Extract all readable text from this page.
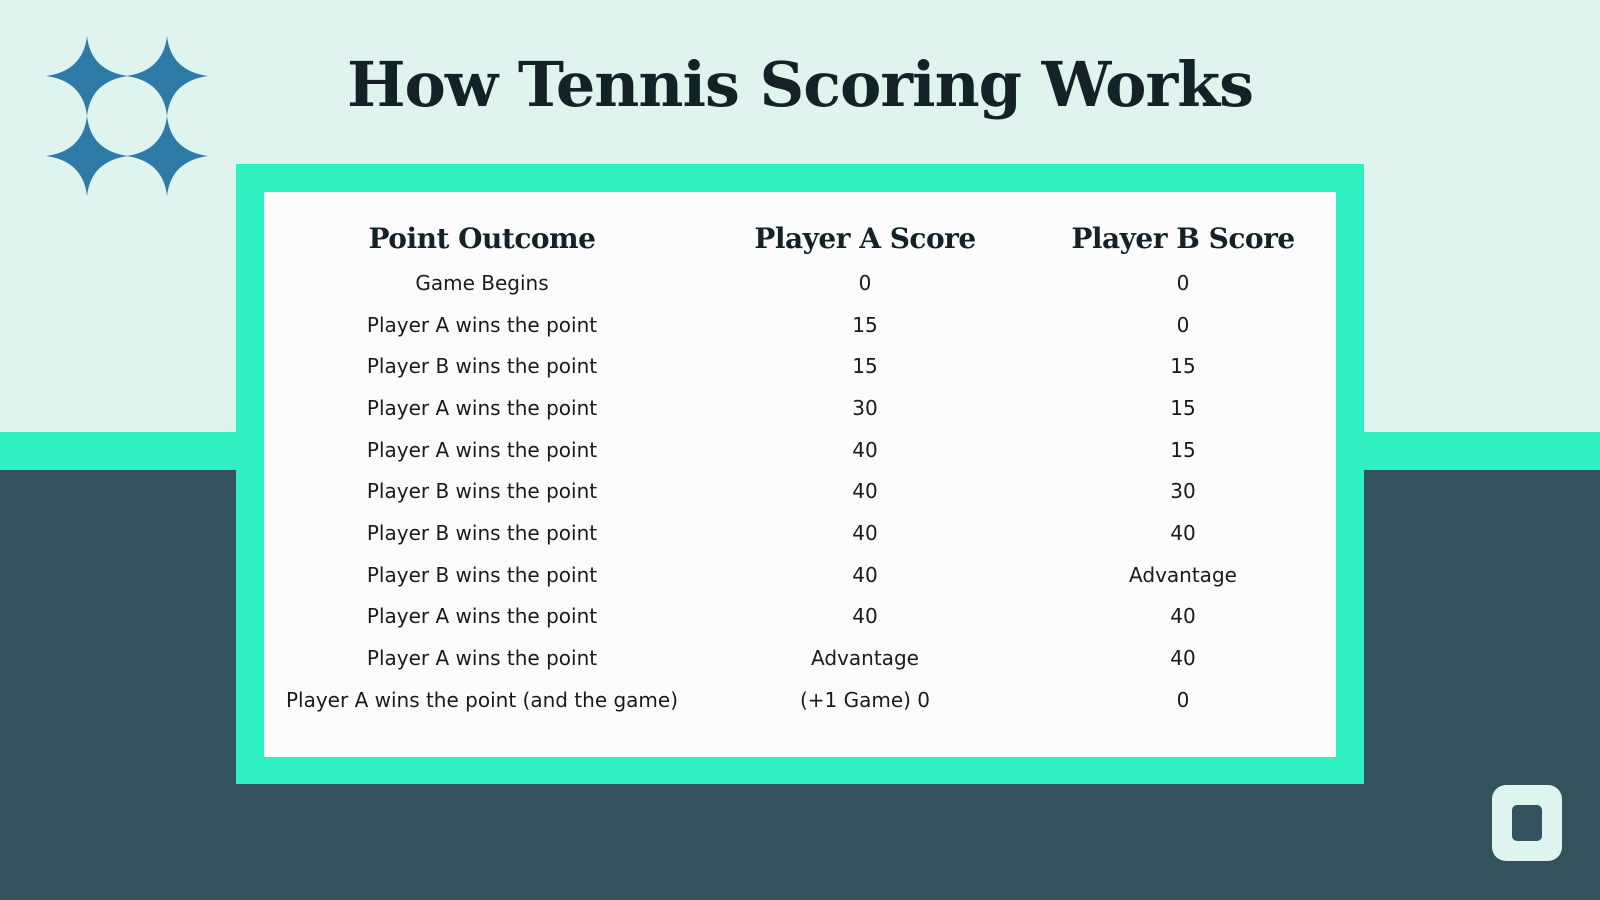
How Tennis Scoring Works
Point Outcome	Player A Score	Player B Score
Game Begins	0	0
Player A wins the point	15	0
Player B wins the point	15	15
Player A wins the point	30	15
Player A wins the point	40	15
Player B wins the point	40	30
Player B wins the point	40	40
Player B wins the point	40	Advantage
Player A wins the point	40	40
Player A wins the point	Advantage	40
Player A wins the point (and the game)	(+1 Game) 0	0
